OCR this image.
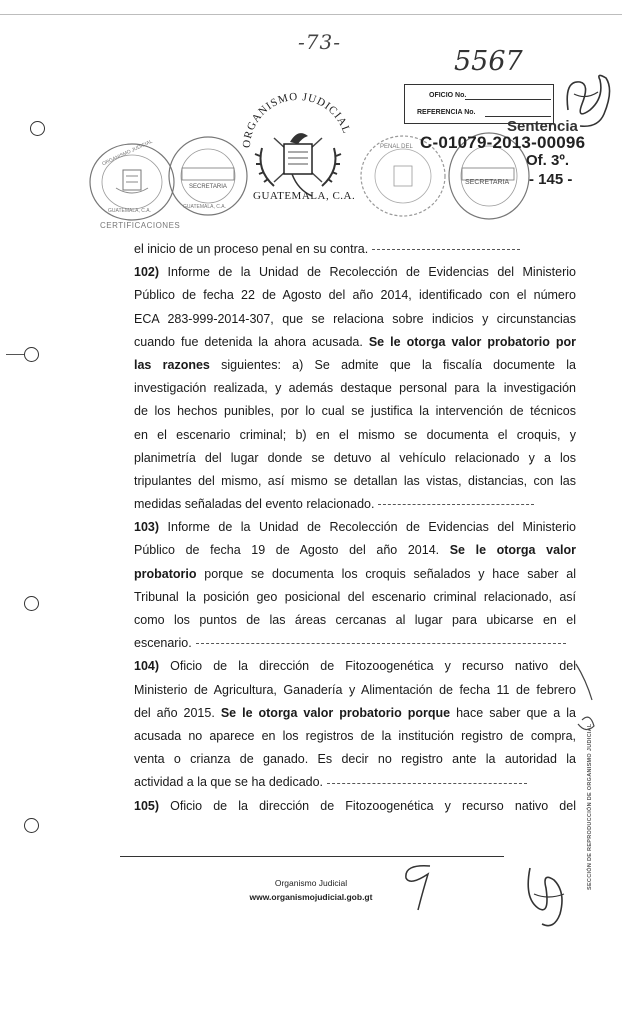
-73-
5567
ORGANISMO JUDICIAL
GUATEMALA, C.A.
SECRETARIA
GUATEMALA, C.A.
CERTIFICACIONES
ORGANISMO JUDICIAL
GUATEMALA, C.A.
OFICIO No.
REFERENCIA No.
PENAL DEL
SECRETARIA
Sentencia
C-01079-2013-00096
Of. 3º.
- 145 -
el inicio de un proceso penal en su contra.
102) Informe de la Unidad de Recolección de Evidencias del Ministerio
Público de fecha 22 de Agosto del año 2014, identificado con el número
ECA 283-999-2014-307, que se relaciona sobre indicios y circunstancias
cuando fue detenida la ahora acusada. Se le otorga valor probatorio por
las razones siguientes: a) Se admite que la fiscalía documente la
investigación realizada, y además destaque personal para la investigación
de los hechos punibles, por lo cual se justifica la intervención de técnicos
en el escenario criminal; b) en el mismo se documenta el croquis, y
planimetría del lugar donde se detuvo al vehículo relacionado y a los
tripulantes del mismo, así mismo se detallan las vistas, distancias, con las
medidas señaladas del evento relacionado.
103) Informe de la Unidad de Recolección de Evidencias del Ministerio
Público de fecha 19 de Agosto del año 2014. Se le otorga valor
probatorio porque se documenta los croquis señalados y hace saber al
Tribunal la posición geo posicional del escenario criminal relacionado, así
como los puntos de las áreas cercanas al lugar para ubicarse en el
escenario.
104) Oficio de la dirección de Fitozoogenética y recurso nativo del
Ministerio de Agricultura, Ganadería y Alimentación de fecha 11 de febrero
del año 2015. Se le otorga valor probatorio porque hace saber que a la
acusada no aparece en los registros de la institución registro de compra,
venta o crianza de ganado. Es decir no registro ante la autoridad la
actividad a la que se ha dedicado.
105) Oficio de la dirección de Fitozoogenética y recurso nativo del SECCIÓN DE REPRODUCCIÓN DE ORGANISMO JUDICIAL
Organismo Judicial
www.organismojudicial.gob.gt
